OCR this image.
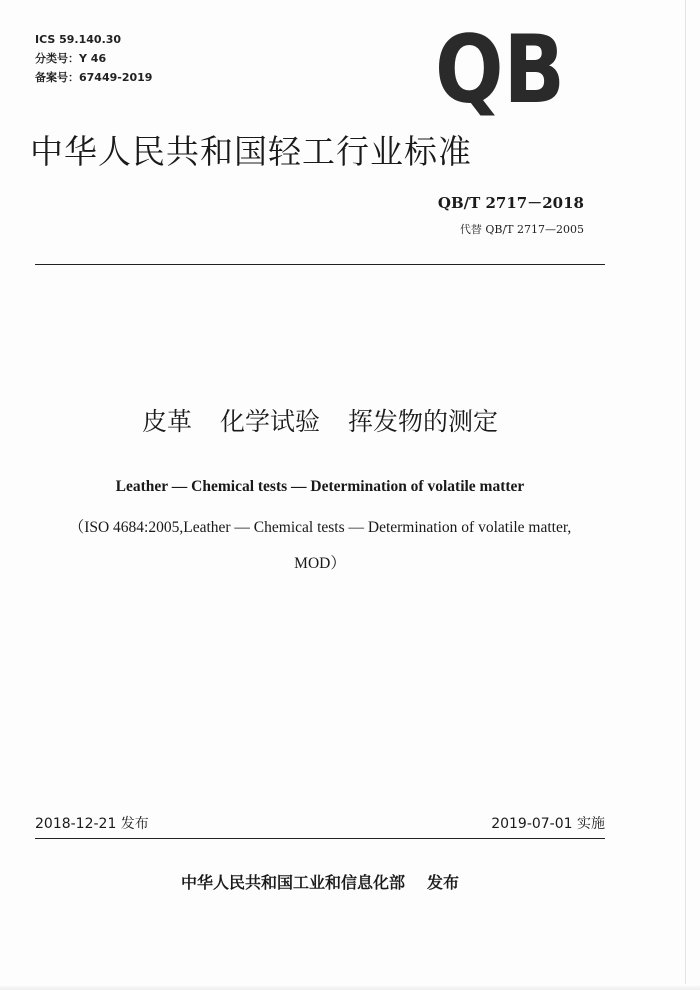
ICS 59.140.30
分类号：Y 46
备案号：67449-2019	QB
中华人民共和国轻工行业标准
QB/T 2717－2018
代替 QB/T 2717—2005
皮革 化学试验 挥发物的测定
Leather — Chemical tests — Determination of volatile matter
（ISO 4684:2005,Leather — Chemical tests — Determination of volatile matter,
MOD）
2018-12-21 发布	2019-07-01 实施
中华人民共和国工业和信息化部 发布
